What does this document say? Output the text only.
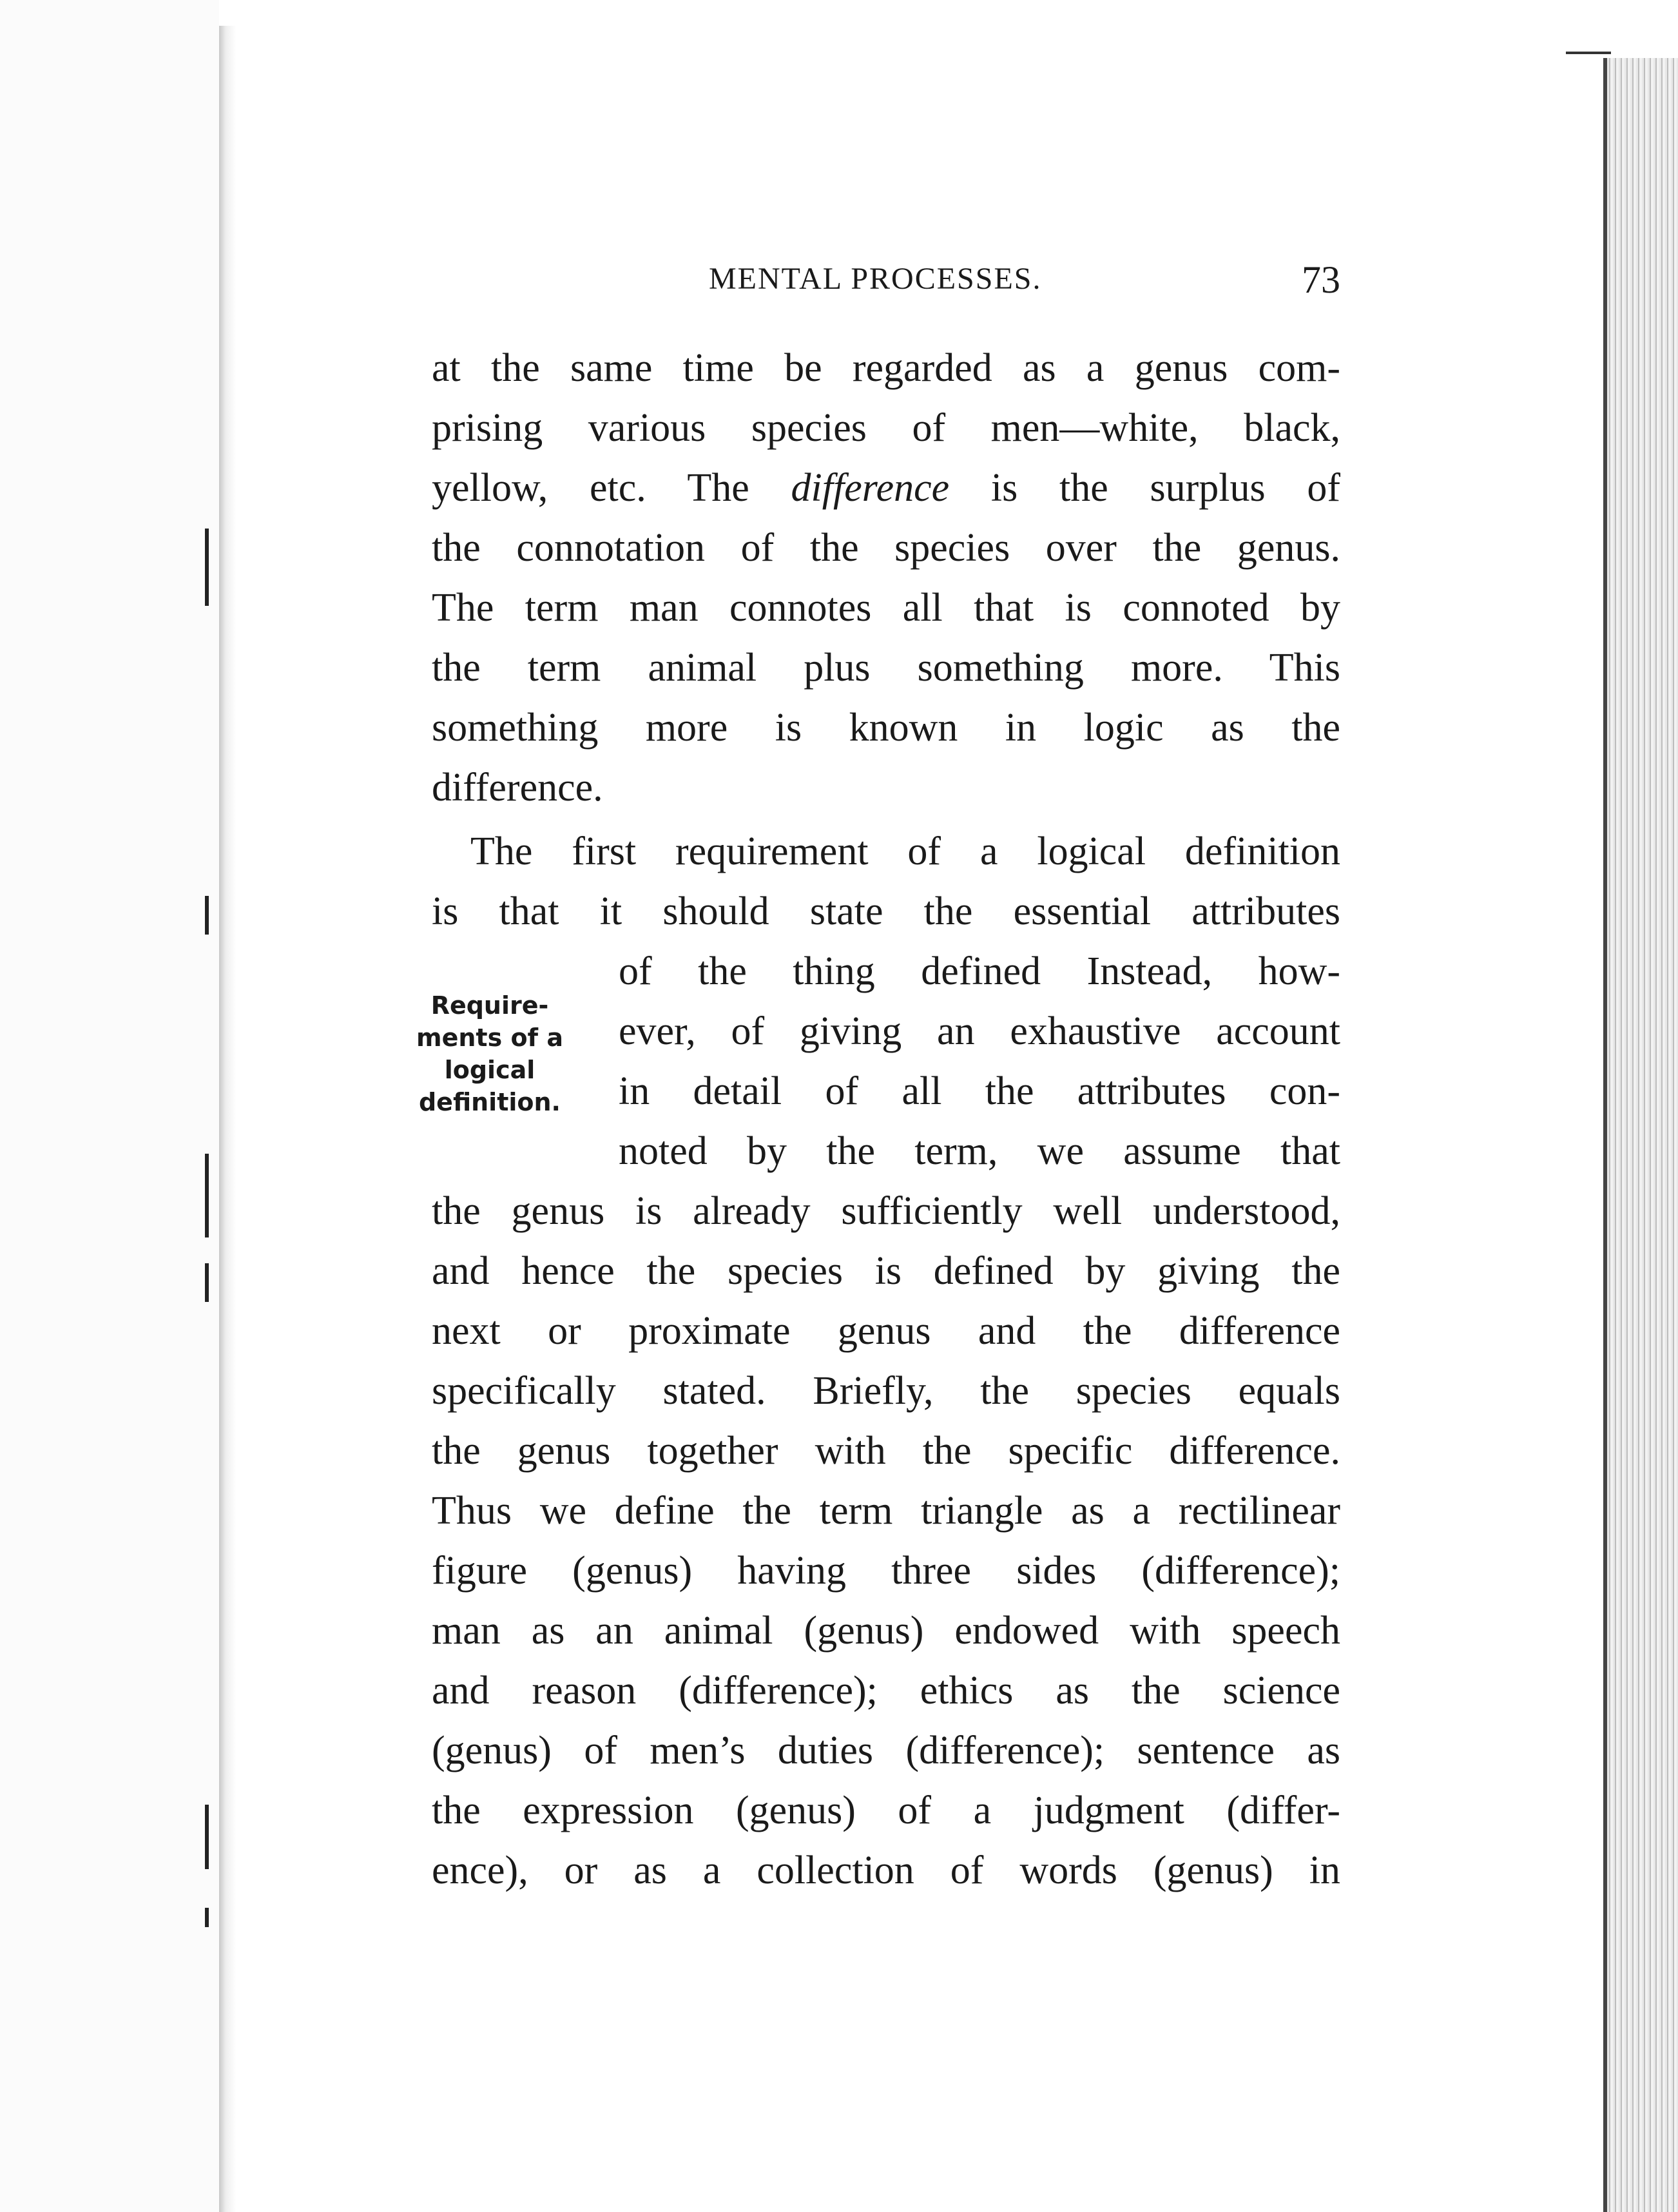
MENTAL PROCESSES.	73
at the same time be regarded as a genus com-
prising various species of men—white, black,
yellow, etc. The difference is the surplus of
the connotation of the species over the genus.
The term man connotes all that is connoted by
the term animal plus something more. This
something more is known in logic as the
difference.
The first requirement of a logical definition
is that it should state the essential attributes
of the thing defined Instead, how-
ever, of giving an exhaustive account
in detail of all the attributes con-
noted by the term, we assume that
the genus is already sufficiently well understood,
and hence the species is defined by giving the
next or proximate genus and the difference
specifically stated. Briefly, the species equals
the genus together with the specific difference.
Thus we define the term triangle as a rectilinear
figure (genus) having three sides (difference);
man as an animal (genus) endowed with speech
and reason (difference); ethics as the science
(genus) of men’s duties (difference); sentence as
the expression (genus) of a judgment (differ-
ence), or as a collection of words (genus) in
Require-
ments of a
logical
definition.
